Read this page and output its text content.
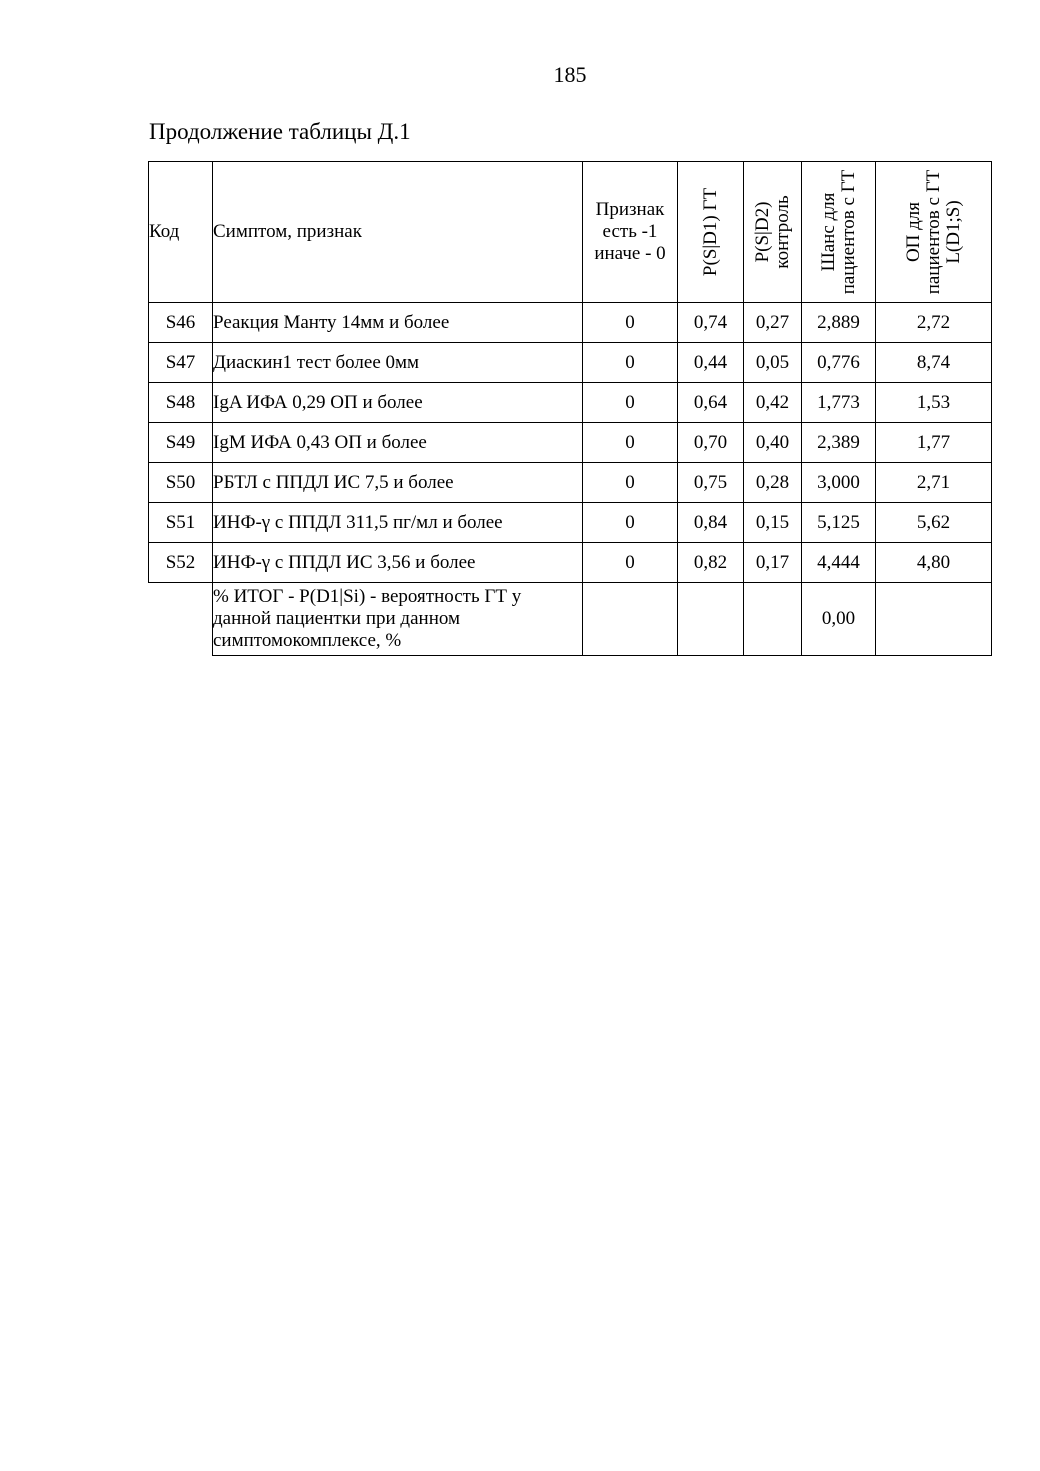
185
Продолжение таблицы Д.1
Код	Симптом, признак	Признак есть -1 иначе - 0	P(S|D1) ГТ	P(S|D2) контроль	Шанс для пациентов с ГТ	ОП для пациентов с ГТ L(D1;S)

S46	Реакция Манту 14мм и более	0	0,74	0,27	2,889	2,72
S47	Диаскин1 тест более 0мм	0	0,44	0,05	0,776	8,74
S48	IgA ИФА 0,29 ОП и более	0	0,64	0,42	1,773	1,53
S49	IgM ИФА 0,43 ОП и более	0	0,70	0,40	2,389	1,77
S50	РБТЛ с ППДЛ ИС 7,5 и более	0	0,75	0,28	3,000	2,71
S51	ИНФ-γ с ППДЛ 311,5 пг/мл и более	0	0,84	0,15	5,125	5,62
S52	ИНФ-γ с ППДЛ ИС 3,56 и более	0	0,82	0,17	4,444	4,80
	% ИТОГ - P(D1|Si) - вероятность ГТ у данной пациентки при данном симптомокомплексе, %				0,00	
